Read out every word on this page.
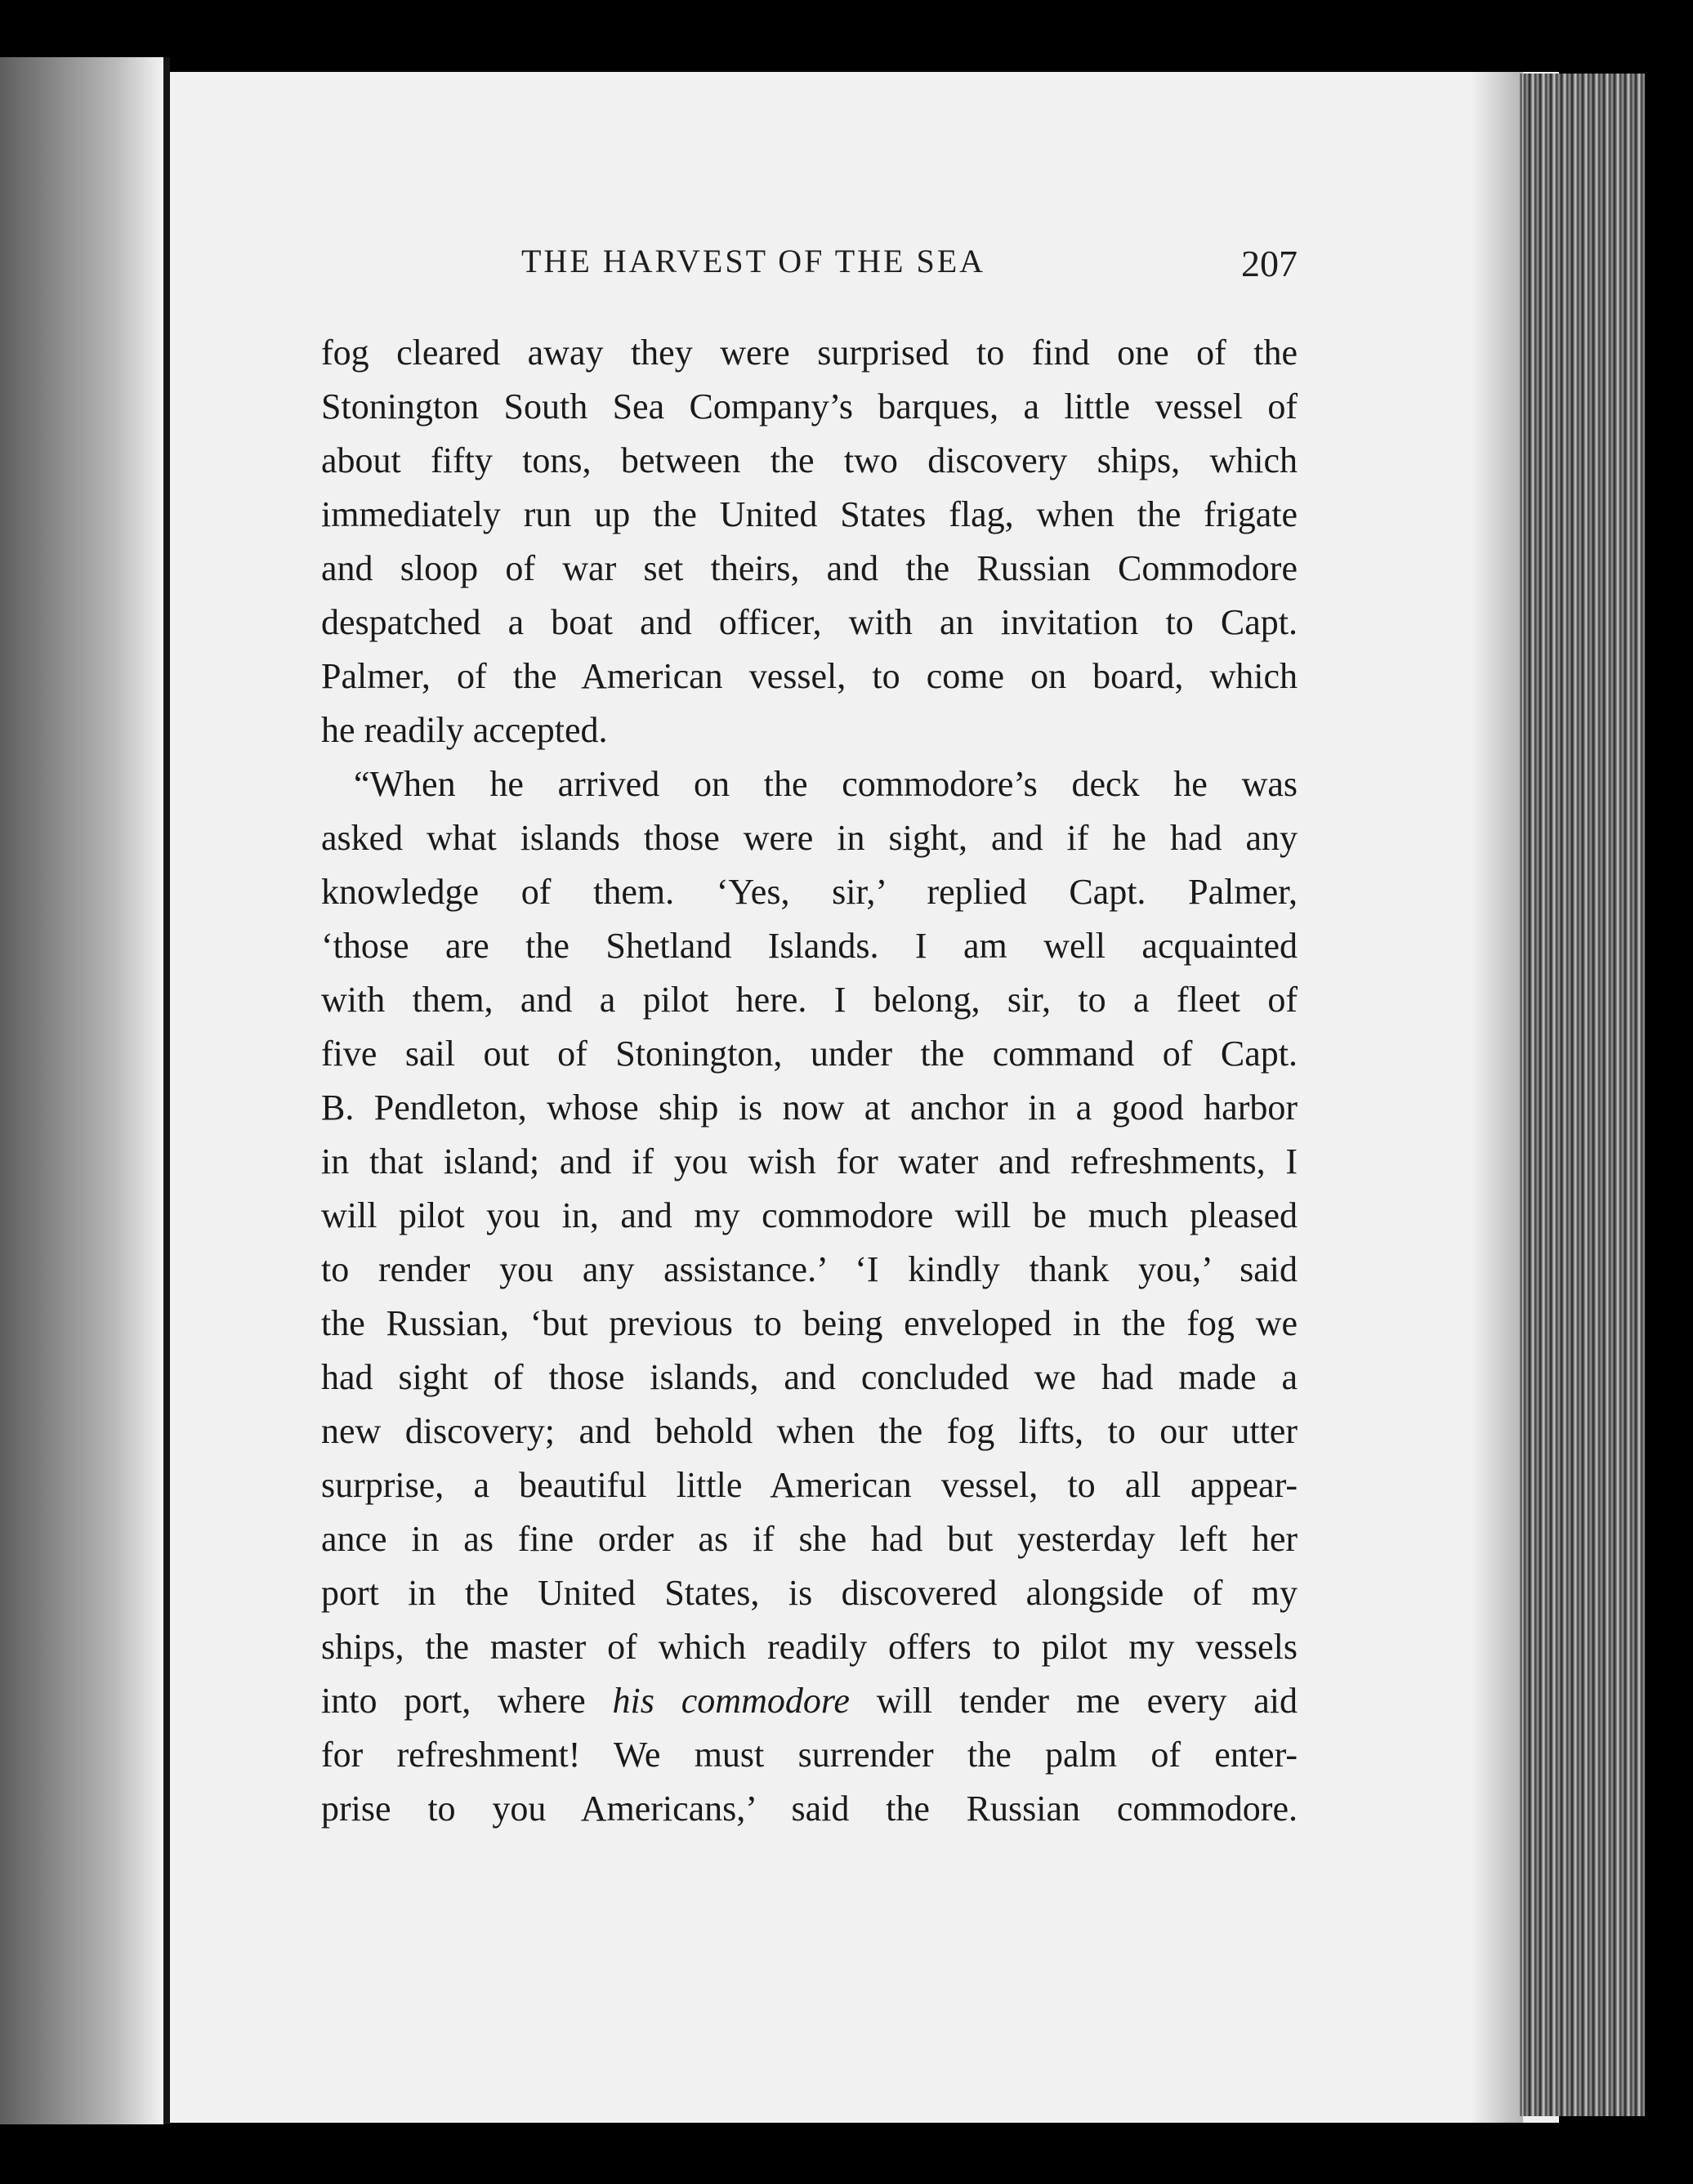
THE HARVEST OF THE SEA	207
fog cleared away they were surprised to find one of the
Stonington South Sea Company’s barques, a little vessel of
about fifty tons, between the two discovery ships, which
immediately run up the United States flag, when the frigate
and sloop of war set theirs, and the Russian Commodore
despatched a boat and officer, with an invitation to Capt.
Palmer, of the American vessel, to come on board, which
he readily accepted.
“When he arrived on the commodore’s deck he was
asked what islands those were in sight, and if he had any
knowledge of them. ‘Yes, sir,’ replied Capt. Palmer,
‘those are the Shetland Islands. I am well acquainted
with them, and a pilot here. I belong, sir, to a fleet of
five sail out of Stonington, under the command of Capt.
B. Pendleton, whose ship is now at anchor in a good harbor
in that island; and if you wish for water and refreshments, I
will pilot you in, and my commodore will be much pleased
to render you any assistance.’ ‘I kindly thank you,’ said
the Russian, ‘but previous to being enveloped in the fog we
had sight of those islands, and concluded we had made a
new discovery; and behold when the fog lifts, to our utter
surprise, a beautiful little American vessel, to all appear-
ance in as fine order as if she had but yesterday left her
port in the United States, is discovered alongside of my
ships, the master of which readily offers to pilot my vessels
into port, where his commodore will tender me every aid
for refreshment! We must surrender the palm of enter-
prise to you Americans,’ said the Russian commodore.
